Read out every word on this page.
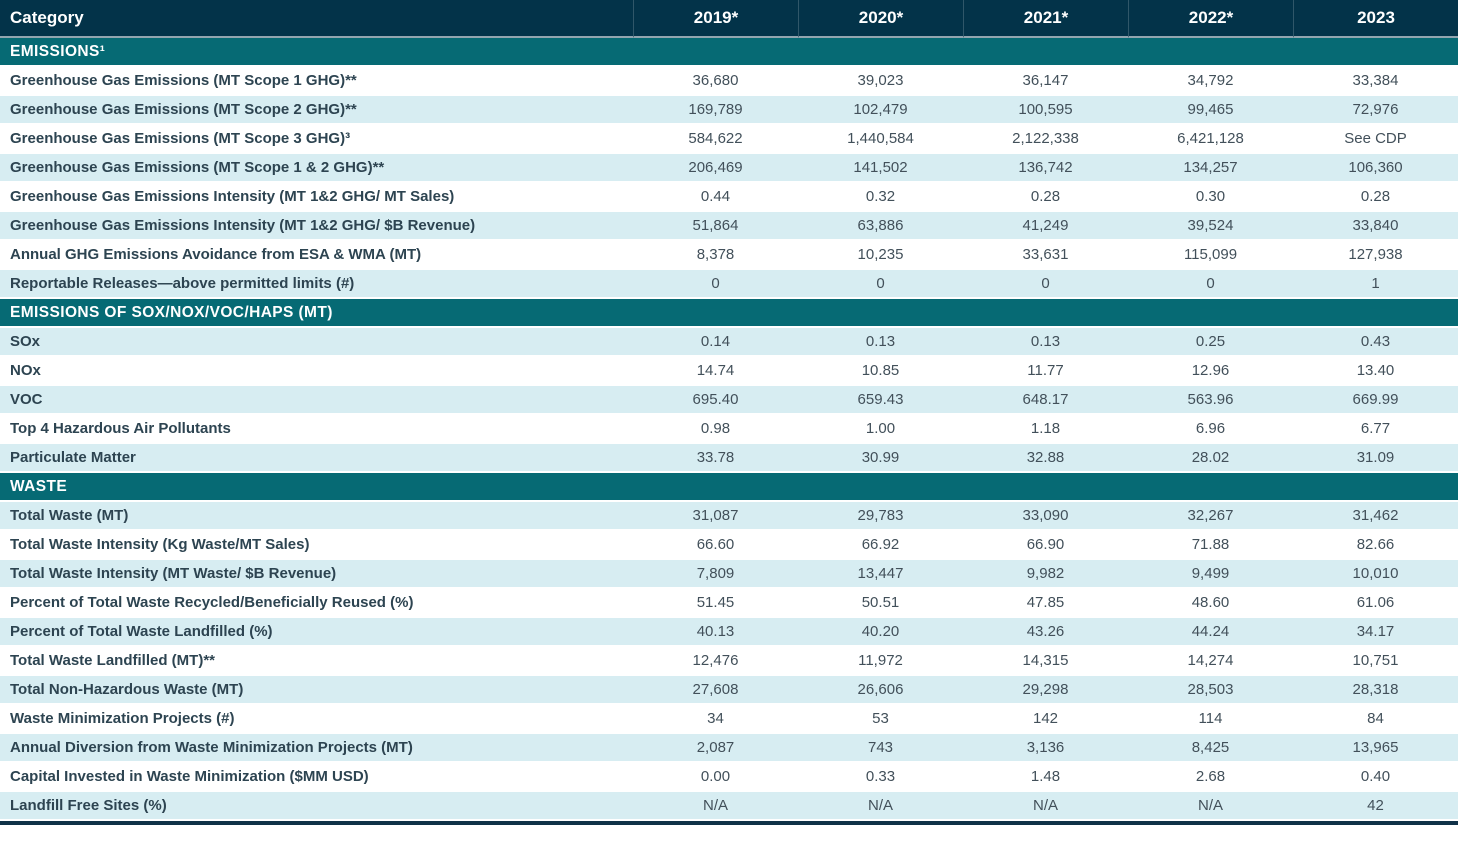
Category	2019*	2020*	2021*	2022*	2023
EMISSIONS¹					
Greenhouse Gas Emissions (MT Scope 1 GHG)**	36,680	39,023	36,147	34,792	33,384
Greenhouse Gas Emissions (MT Scope 2 GHG)**	169,789	102,479	100,595	99,465	72,976
Greenhouse Gas Emissions (MT Scope 3 GHG)³	584,622	1,440,584	2,122,338	6,421,128	See CDP
Greenhouse Gas Emissions (MT Scope 1 & 2 GHG)**	206,469	141,502	136,742	134,257	106,360
Greenhouse Gas Emissions Intensity (MT 1&2 GHG/ MT Sales)	0.44	0.32	0.28	0.30	0.28
Greenhouse Gas Emissions Intensity (MT 1&2 GHG/ $B Revenue)	51,864	63,886	41,249	39,524	33,840
Annual GHG Emissions Avoidance from ESA & WMA (MT)	8,378	10,235	33,631	115,099	127,938
Reportable Releases—above permitted limits (#)	0	0	0	0	1
EMISSIONS OF SOX/NOX/VOC/HAPS (MT)					
SOx	0.14	0.13	0.13	0.25	0.43
NOx	14.74	10.85	11.77	12.96	13.40
VOC	695.40	659.43	648.17	563.96	669.99
Top 4 Hazardous Air Pollutants	0.98	1.00	1.18	6.96	6.77
Particulate Matter	33.78	30.99	32.88	28.02	31.09
WASTE					
Total Waste (MT)	31,087	29,783	33,090	32,267	31,462
Total Waste Intensity (Kg Waste/MT Sales)	66.60	66.92	66.90	71.88	82.66
Total Waste Intensity (MT Waste/ $B Revenue)	7,809	13,447	9,982	9,499	10,010
Percent of Total Waste Recycled/Beneficially Reused (%)	51.45	50.51	47.85	48.60	61.06
Percent of Total Waste Landfilled (%)	40.13	40.20	43.26	44.24	34.17
Total Waste Landfilled (MT)**	12,476	11,972	14,315	14,274	10,751
Total Non-Hazardous Waste (MT)	27,608	26,606	29,298	28,503	28,318
Waste Minimization Projects (#)	34	53	142	114	84
Annual Diversion from Waste Minimization Projects (MT)	2,087	743	3,136	8,425	13,965
Capital Invested in Waste Minimization ($MM USD)	0.00	0.33	1.48	2.68	0.40
Landfill Free Sites (%)	N/A	N/A	N/A	N/A	42
